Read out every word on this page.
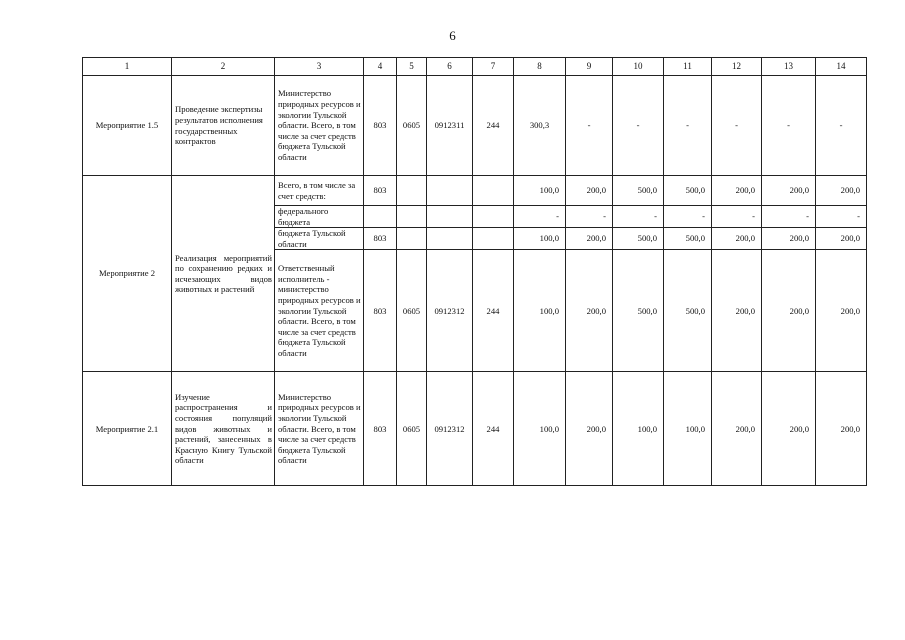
6
1	2	3	4	5	6	7	8	9	10	11	12	13	14
Мероприятие 1.5	Проведение экспертизы результатов исполнения государственных контрактов	Министерство природных ресурсов и экологии Тульской области. Всего, в том числе за счет средств бюджета Тульской области	803	0605	0912311	244	300,3	-	-	-	-	-	-
Мероприятие 2	Реализация мероприятий по сохранению редких и исчезающих видов животных и растений	Всего, в том числе за счет средств:	803				100,0	200,0	500,0	500,0	200,0	200,0	200,0
		федерального бюджета					-	-	-	-	-	-	-
		бюджета Тульской области	803				100,0	200,0	500,0	500,0	200,0	200,0	200,0
		Ответственный исполнитель - министерство природных ресурсов и экологии Тульской области. Всего, в том числе за счет средств бюджета Тульской области	803	0605	0912312	244	100,0	200,0	500,0	500,0	200,0	200,0	200,0
Мероприятие 2.1	Изучение распространения и состояния популяций видов животных и растений, занесенных в Красную Книгу Тульской области	Министерство природных ресурсов и экологии Тульской области. Всего, в том числе за счет средств бюджета Тульской области	803	0605	0912312	244	100,0	200,0	100,0	100,0	200,0	200,0	200,0
